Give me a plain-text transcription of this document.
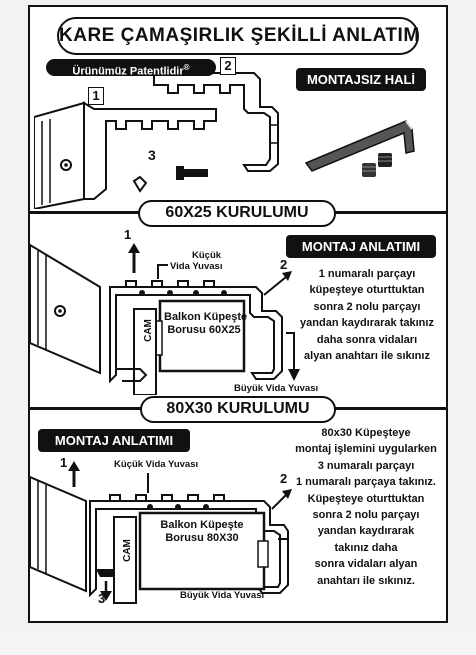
KARE ÇAMAŞIRLIK ŞEKİLLİ ANLATIM
Ürünümüz Patentlidir®
1
2
3
MONTAJSIZ HALİ
60X25 KURULUMU
1
2
Küçük
Vida Yuvası
Balkon Küpeşte
Borusu 60X25
CAM
Büyük Vida Yuvası
MONTAJ ANLATIMI
1 numaralı parçayı
küpeşteye oturttuktan
sonra 2 nolu parçayı
yandan kaydırarak takınız
daha sonra vidaları
alyan anahtarı ile sıkınız
80X30 KURULUMU
MONTAJ ANLATIMI
1
2
3
Küçük Vida Yuvası
Balkon Küpeşte
Borusu 80X30
CAM
Büyük Vida Yuvası
80x30 Küpeşteye
montaj işlemini uygularken
3 numaralı parçayı
1 numaralı parçaya takınız.
Küpeşteye oturttuktan
sonra 2 nolu parçayı
yandan kaydırarak
takınız daha
sonra vidaları alyan
anahtarı ile sıkınız.
